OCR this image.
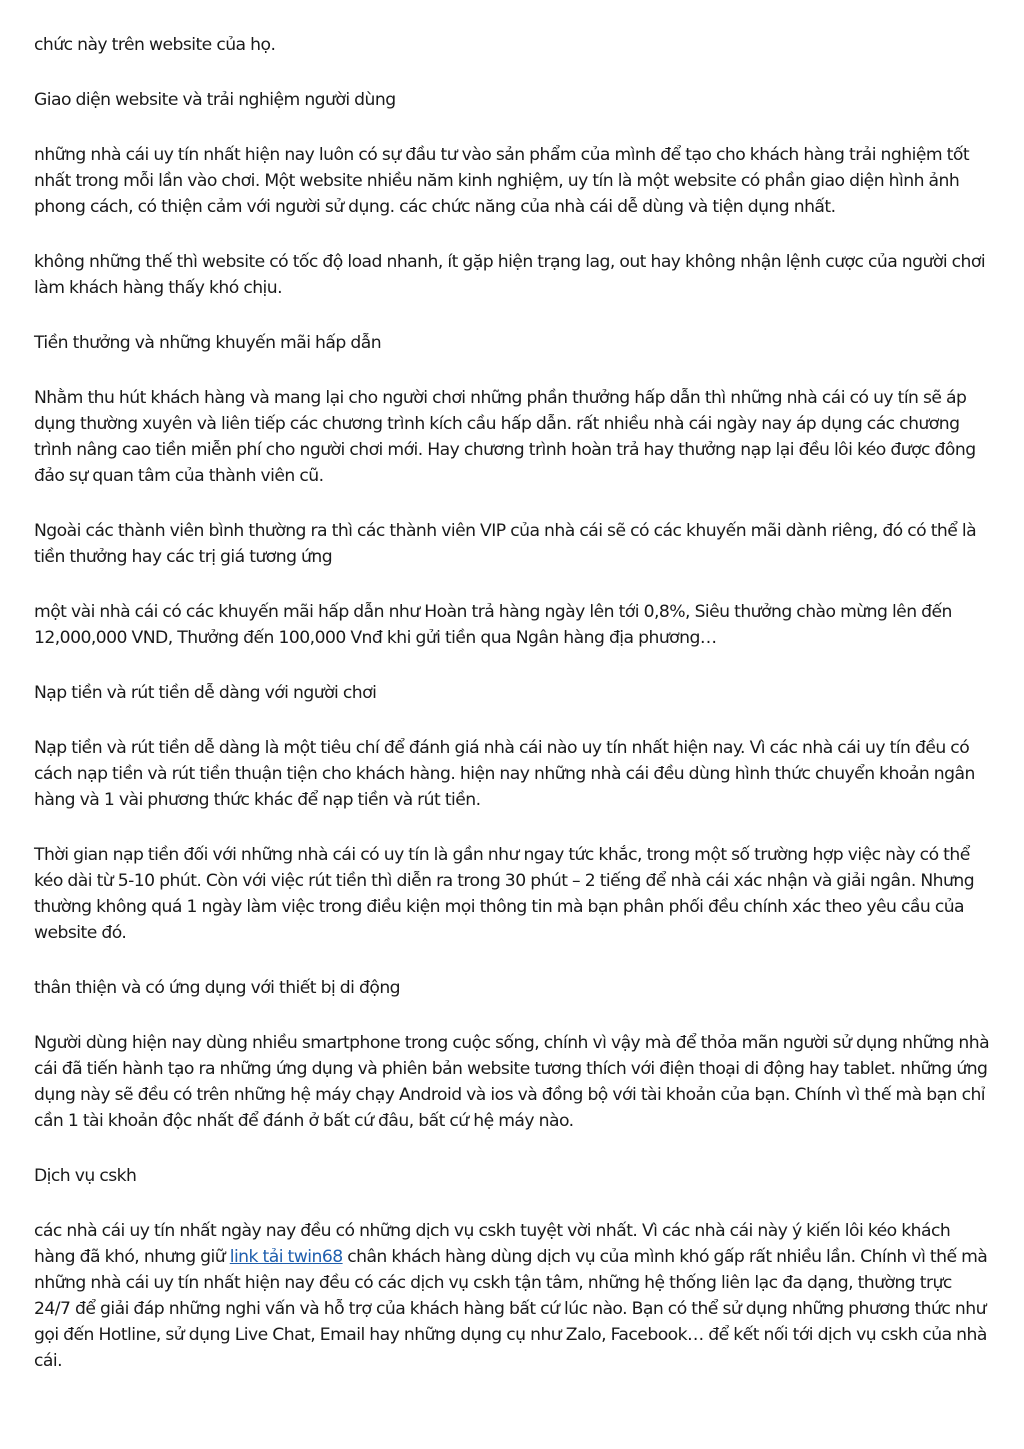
chức này trên website của họ.

Giao diện website và trải nghiệm người dùng

những nhà cái uy tín nhất hiện nay luôn có sự đầu tư vào sản phẩm của mình để tạo cho khách hàng trải nghiệm tốt nhất trong mỗi lần vào chơi. Một website nhiều năm kinh nghiệm, uy tín là một website có phần giao diện hình ảnh phong cách, có thiện cảm với người sử dụng. các chức năng của nhà cái dễ dùng và tiện dụng nhất.

không những thế thì website có tốc độ load nhanh, ít gặp hiện trạng lag, out hay không nhận lệnh cược của người chơi làm khách hàng thấy khó chịu.

Tiền thưởng và những khuyến mãi hấp dẫn

Nhằm thu hút khách hàng và mang lại cho người chơi những phần thưởng hấp dẫn thì những nhà cái có uy tín sẽ áp dụng thường xuyên và liên tiếp các chương trình kích cầu hấp dẫn. rất nhiều nhà cái ngày nay áp dụng các chương trình nâng cao tiền miễn phí cho người chơi mới. Hay chương trình hoàn trả hay thưởng nạp lại đều lôi kéo được đông đảo sự quan tâm của thành viên cũ.

Ngoài các thành viên bình thường ra thì các thành viên VIP của nhà cái sẽ có các khuyến mãi dành riêng, đó có thể là tiền thưởng hay các trị giá tương ứng

một vài nhà cái có các khuyến mãi hấp dẫn như Hoàn trả hàng ngày lên tới 0,8%, Siêu thưởng chào mừng lên đến 12,000,000 VND, Thưởng đến 100,000 Vnđ khi gửi tiền qua Ngân hàng địa phương…

Nạp tiền và rút tiền dễ dàng với người chơi

Nạp tiền và rút tiền dễ dàng là một tiêu chí để đánh giá nhà cái nào uy tín nhất hiện nay. Vì các nhà cái uy tín đều có cách nạp tiền và rút tiền thuận tiện cho khách hàng. hiện nay những nhà cái đều dùng hình thức chuyển khoản ngân hàng và 1 vài phương thức khác để nạp tiền và rút tiền.

Thời gian nạp tiền đối với những nhà cái có uy tín là gần như ngay tức khắc, trong một số trường hợp việc này có thể kéo dài từ 5-10 phút. Còn với việc rút tiền thì diễn ra trong 30 phút – 2 tiếng để nhà cái xác nhận và giải ngân. Nhưng thường không quá 1 ngày làm việc trong điều kiện mọi thông tin mà bạn phân phối đều chính xác theo yêu cầu của website đó.

thân thiện và có ứng dụng với thiết bị di động

Người dùng hiện nay dùng nhiều smartphone trong cuộc sống, chính vì vậy mà để thỏa mãn người sử dụng những nhà cái đã tiến hành tạo ra những ứng dụng và phiên bản website tương thích với điện thoại di động hay tablet. những ứng dụng này sẽ đều có trên những hệ máy chạy Android và ios và đồng bộ với tài khoản của bạn. Chính vì thế mà bạn chỉ cần 1 tài khoản độc nhất để đánh ở bất cứ đâu, bất cứ hệ máy nào.

Dịch vụ cskh

các nhà cái uy tín nhất ngày nay đều có những dịch vụ cskh tuyệt vời nhất. Vì các nhà cái này ý kiến lôi kéo khách hàng đã khó, nhưng giữ link tải twin68 chân khách hàng dùng dịch vụ của mình khó gấp rất nhiều lần. Chính vì thế mà những nhà cái uy tín nhất hiện nay đều có các dịch vụ cskh tận tâm, những hệ thống liên lạc đa dạng, thường trực 24/7 để giải đáp những nghi vấn và hỗ trợ của khách hàng bất cứ lúc nào. Bạn có thể sử dụng những phương thức như gọi đến Hotline, sử dụng Live Chat, Email hay những dụng cụ như Zalo, Facebook… để kết nối tới dịch vụ cskh của nhà cái.
